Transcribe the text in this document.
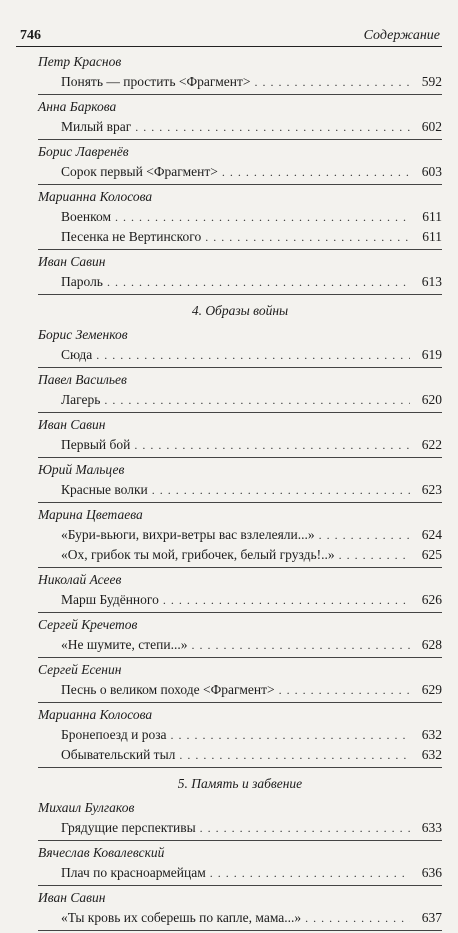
746	Содержание
Петр Краснов
Понять — простить <Фрагмент> . . .	592
Анна Баркова
Милый враг . . .	602
Борис Лавренёв
Сорок первый <Фрагмент> . . .	603
Марианна Колосова
Военком . . .	611
Песенка не Вертинского . . .	611
Иван Савин
Пароль . . .	613
4. Образы войны
Борис Земенков
Сюда . . .	619
Павел Васильев
Лагерь . . .	620
Иван Савин
Первый бой . . .	622
Юрий Мальцев
Красные волки . . .	623
Марина Цветаева
«Бури-вьюги, вихри-ветры вас взлелеяли...» . . .	624
«Ох, грибок ты мой, грибочек, белый груздь!..» . . .	625
Николай Асеев
Марш Будённого . . .	626
Сергей Кречетов
«Не шумите, степи...» . . .	628
Сергей Есенин
Песнь о великом походе <Фрагмент> . . .	629
Марианна Колосова
Бронепоезд и роза . . .	632
Обывательский тыл . . .	632
5. Память и забвение
Михаил Булгаков
Грядущие перспективы . . .	633
Вячеслав Ковалевский
Плач по красноармейцам . . .	636
Иван Савин
«Ты кровь их соберешь по капле, мама...» . . .	637
